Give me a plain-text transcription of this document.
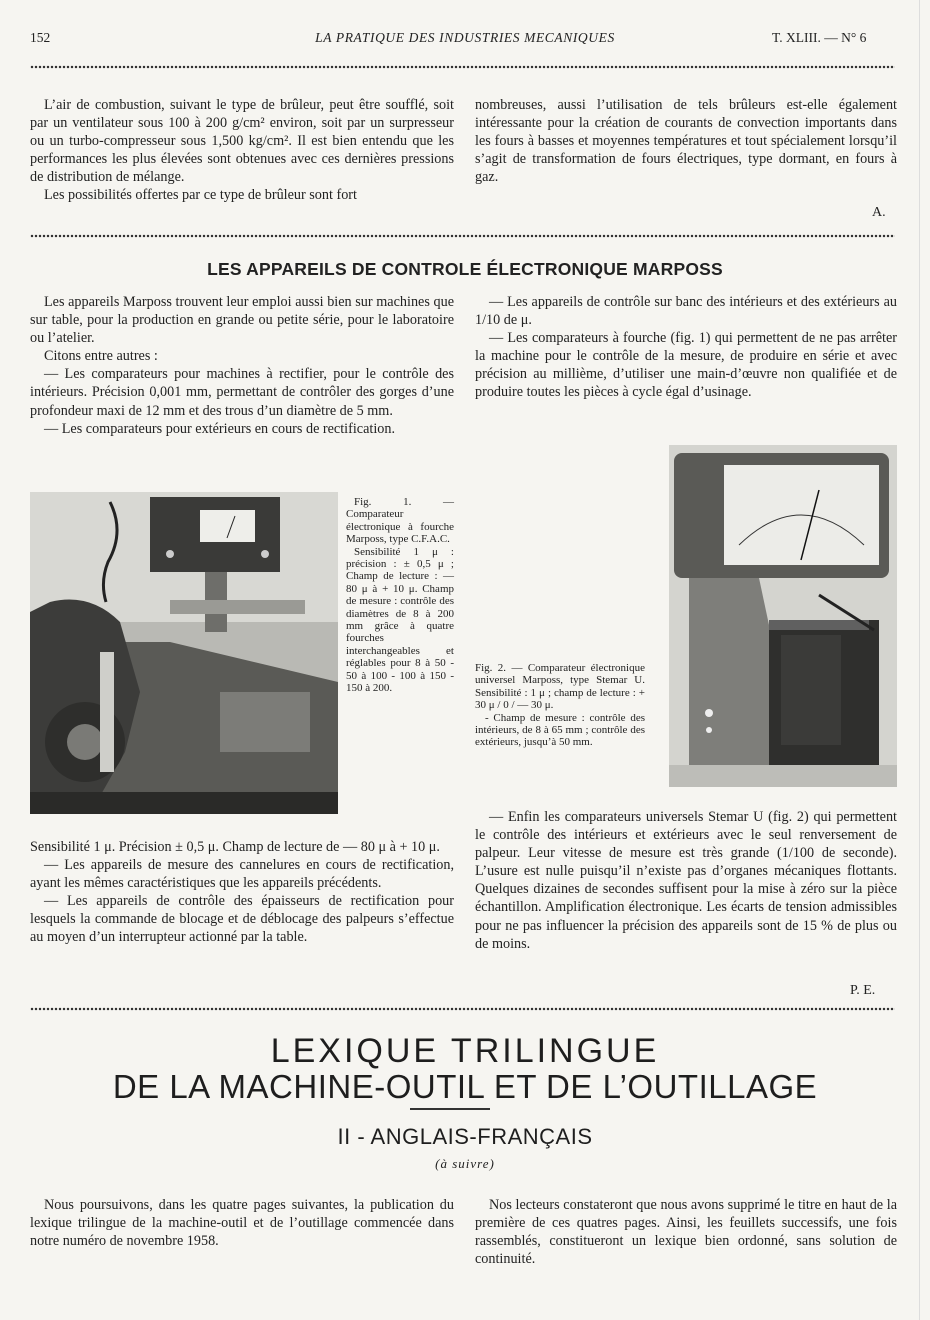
152	LA PRATIQUE DES INDUSTRIES MECANIQUES	T. XLIII. — N° 6

L’air de combustion, suivant le type de brûleur, peut être soufflé, soit par un ventilateur sous 100 à 200 g/cm² environ, soit par un surpresseur ou un turbo-compresseur sous 1,500 kg/cm². Il est bien entendu que les performances les plus élevées sont obtenues avec ces dernières pressions de distribution de mélange.

Les possibilités offertes par ce type de brûleur sont fort

nombreuses, aussi l’utilisation de tels brûleurs est-elle également intéressante pour la création de courants de convection importants dans les fours à basses et moyennes températures et tout spécialement lorsqu’il s’agit de transformation de fours électriques, type dormant, en fours à gaz.

A.
LES APPAREILS DE CONTROLE ÉLECTRONIQUE MARPOSS

Les appareils Marposs trouvent leur emploi aussi bien sur machines que sur table, pour la production en grande ou petite série, pour le laboratoire ou l’atelier.

Citons entre autres :

— Les comparateurs pour machines à rectifier, pour le contrôle des intérieurs. Précision 0,001 mm, permettant de contrôler des gorges d’une profondeur maxi de 12 mm et des trous d’un diamètre de 5 mm.

— Les comparateurs pour extérieurs en cours de rectification.

— Les appareils de contrôle sur banc des intérieurs et des extérieurs au 1/10 de μ.

— Les comparateurs à fourche (fig. 1) qui permettent de ne pas arrêter la machine pour le contrôle de la mesure, de produire en série et avec précision au millième, d’utiliser une main-d’œuvre non qualifiée et de produire toutes les pièces à cycle égal d’usinage.

Fig. 1. — Comparateur électronique à fourche Marposs, type C.F.A.C.

Sensibilité 1 μ : précision : ± 0,5 μ ; Champ de lecture : — 80 μ à + 10 μ. Champ de mesure : contrôle des diamètres de 8 à 200 mm grâce à quatre fourches interchangeables et réglables pour 8 à 50 - 50 à 100 - 100 à 150 - 150 à 200.

Fig. 2. — Comparateur électronique universel Marposs, type Stemar U. Sensibilité : 1 μ ; champ de lecture : + 30 μ / 0 / — 30 μ.

- Champ de mesure : contrôle des intérieurs, de 8 à 65 mm ; contrôle des extérieurs, jusqu’à 50 mm.

Sensibilité 1 μ. Précision ± 0,5 μ. Champ de lecture de — 80 μ à + 10 μ.

— Les appareils de mesure des cannelures en cours de rectification, ayant les mêmes caractéristiques que les appareils précédents.

— Les appareils de contrôle des épaisseurs de rectification pour lesquels la commande de blocage et de déblocage des palpeurs s’effectue au moyen d’un interrupteur actionné par la table.

— Enfin les comparateurs universels Stemar U (fig. 2) qui permettent le contrôle des intérieurs et extérieurs avec le seul renversement de palpeur. Leur vitesse de mesure est très grande (1/100 de seconde). L’usure est nulle puisqu’il n’existe pas d’organes mécaniques flottants. Quelques dizaines de secondes suffisent pour la mise à zéro sur la pièce échantillon. Amplification électronique. Les écarts de tension admissibles pour ne pas influencer la précision des appareils sont de 15 % de plus ou de moins.

P. E.
LEXIQUE TRILINGUE
DE LA MACHINE-OUTIL ET DE L’OUTILLAGE
II - ANGLAIS-FRANÇAIS
(à suivre)

Nous poursuivons, dans les quatre pages suivantes, la publication du lexique trilingue de la machine-outil et de l’outillage commencée dans notre numéro de novembre 1958.

Nos lecteurs constateront que nous avons supprimé le titre en haut de la première de ces quatres pages. Ainsi, les feuillets successifs, une fois rassemblés, constitueront un lexique bien ordonné, sans solution de continuité.
